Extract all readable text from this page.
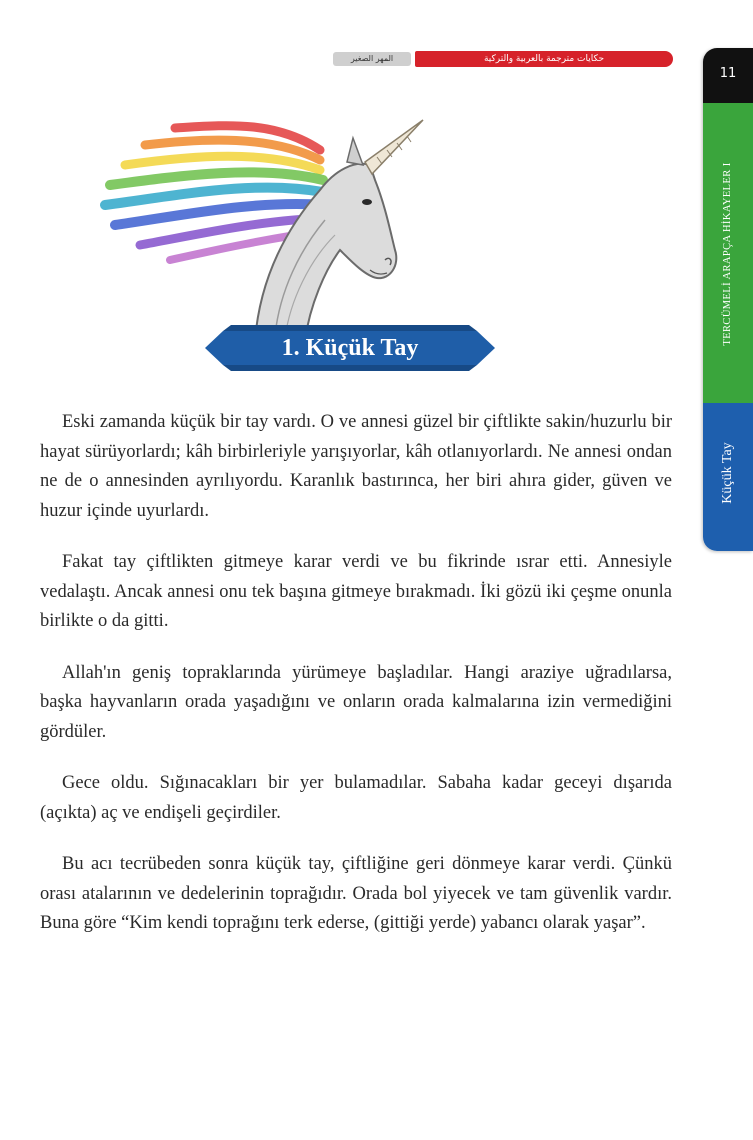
المهر الصغير	حكايات مترجمة بالعربية والتركية
11
TERCÜMELİ ARAPÇA HİKAYELER I
Küçük Tay
1. Küçük Tay

Eski zamanda küçük bir tay vardı. O ve annesi güzel bir çiftlikte sakin/huzurlu bir hayat sürüyorlardı; kâh birbirleriyle yarışıyorlar, kâh otlanıyorlardı. Ne annesi ondan ne de o annesinden ayrılıyordu. Karanlık bastırınca, her biri ahıra gider, güven ve huzur içinde uyurlardı.

Fakat tay çiftlikten gitmeye karar verdi ve bu fikrinde ısrar etti. Annesiyle vedalaştı. Ancak annesi onu tek başına gitmeye bırakmadı. İki gözü iki çeşme onunla birlikte o da gitti.

Allah'ın geniş topraklarında yürümeye başladılar. Hangi araziye uğradılarsa, başka hayvanların orada yaşadığını ve onların orada kalmalarına izin vermediğini gördüler.

Gece oldu. Sığınacakları bir yer bulamadılar. Sabaha kadar geceyi dışarıda (açıkta) aç ve endişeli geçirdiler.

Bu acı tecrübeden sonra küçük tay, çiftliğine geri dönmeye karar verdi. Çünkü orası atalarının ve dedelerinin toprağıdır. Orada bol yiyecek ve tam güvenlik vardır. Buna göre “Kim kendi toprağını terk ederse, (gittiği yerde) yabancı olarak yaşar”.
